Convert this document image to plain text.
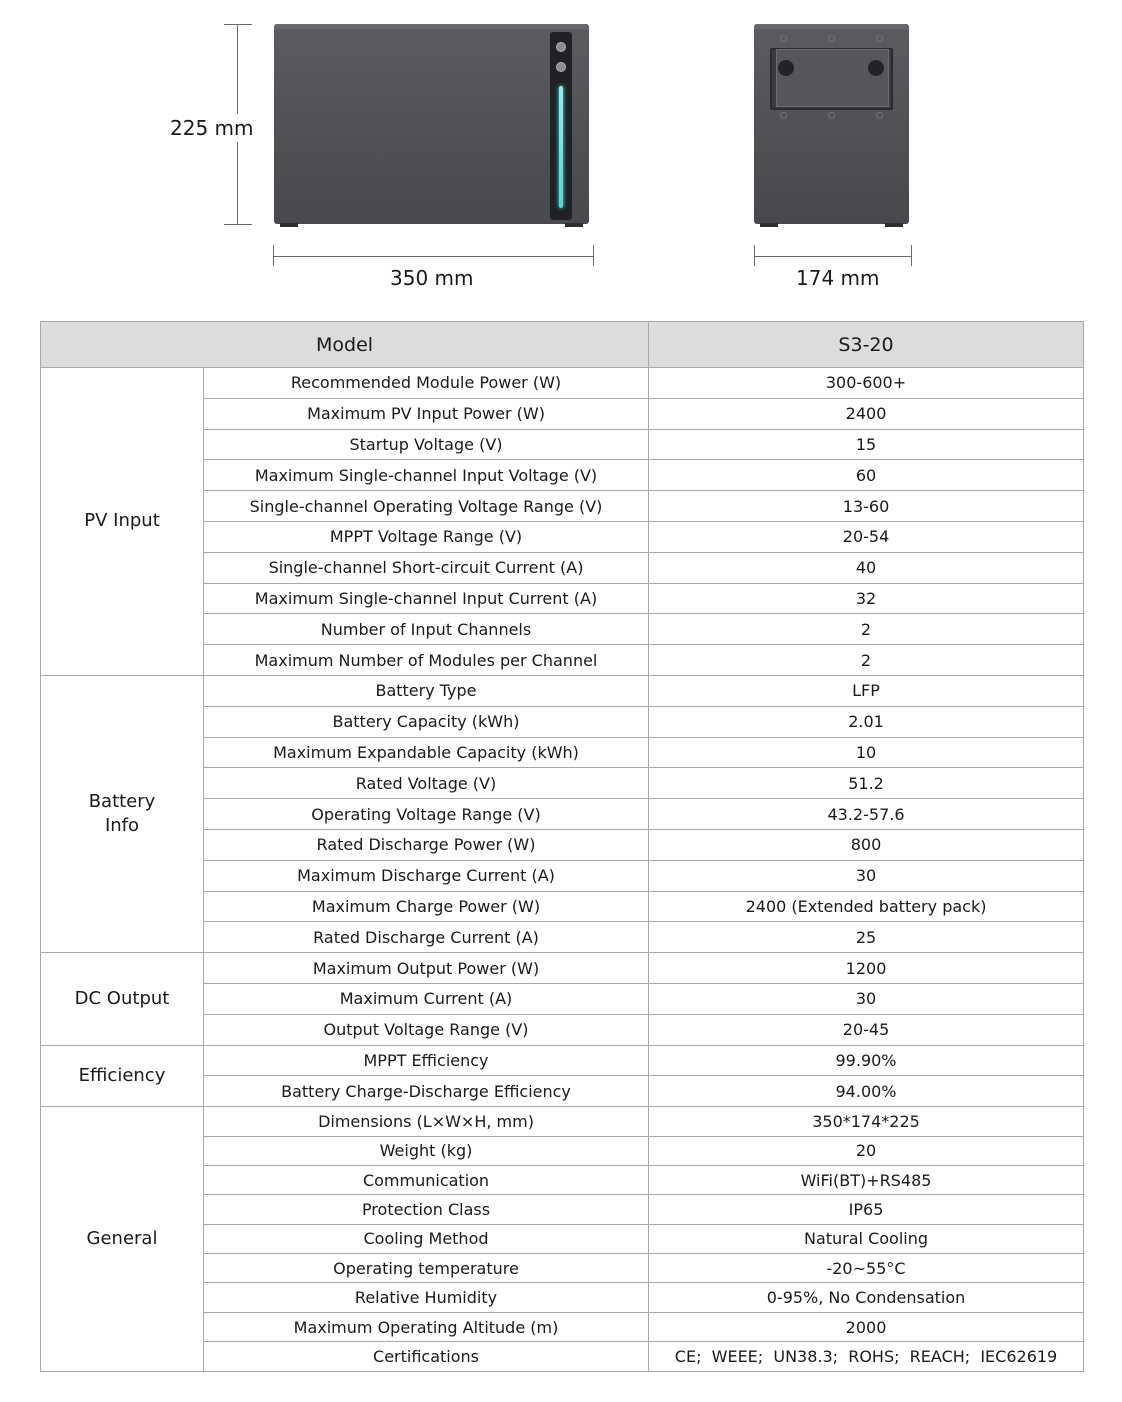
225 mm
350 mm	174 mm
Model		S3-20
PV Input	Recommended Module Power (W)	300-600+
	Maximum PV Input Power (W)	2400
	Startup Voltage (V)	15
	Maximum Single-channel Input Voltage (V)	60
	Single-channel Operating Voltage Range (V)	13-60
	MPPT Voltage Range (V)	20-54
	Single-channel Short-circuit Current (A)	40
	Maximum Single-channel Input Current (A)	32
	Number of Input Channels	2
	Maximum Number of Modules per Channel	2
Battery Info	Battery Type	LFP
	Battery Capacity (kWh)	2.01
	Maximum Expandable Capacity (kWh)	10
	Rated Voltage (V)	51.2
	Operating Voltage Range (V)	43.2-57.6
	Rated Discharge Power (W)	800
	Maximum Discharge Current (A)	30
	Maximum Charge Power (W)	2400 (Extended battery pack)
	Rated Discharge Current (A)	25
DC Output	Maximum Output Power (W)	1200
	Maximum Current (A)	30
	Output Voltage Range (V)	20-45
Efficiency	MPPT Efficiency	99.90%
	Battery Charge-Discharge Efficiency	94.00%
General	Dimensions (L×W×H, mm)	350*174*225
	Weight (kg)	20
	Communication	WiFi(BT)+RS485
	Protection Class	IP65
	Cooling Method	Natural Cooling
	Operating temperature	-20~55°C
	Relative Humidity	0-95%, No Condensation
	Maximum Operating Altitude (m)	2000
	Certifications	CE;  WEEE;  UN38.3;  ROHS;  REACH;  IEC62619
